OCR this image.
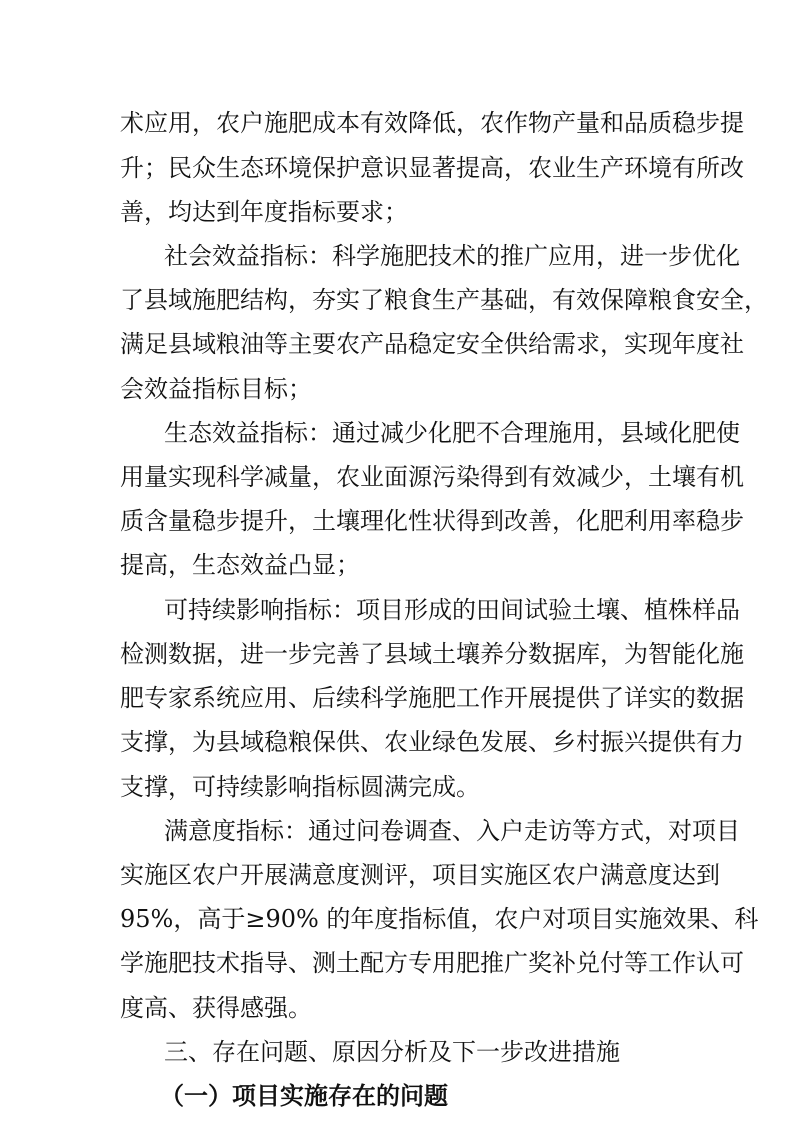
术应用，农户施肥成本有效降低，农作物产量和品质稳步提
升；民众生态环境保护意识显著提高，农业生产环境有所改
善，均达到年度指标要求；
社会效益指标：科学施肥技术的推广应用，进一步优化
了县域施肥结构，夯实了粮食生产基础，有效保障粮食安全，
满足县域粮油等主要农产品稳定安全供给需求，实现年度社
会效益指标目标；
生态效益指标：通过减少化肥不合理施用，县域化肥使
用量实现科学减量，农业面源污染得到有效减少，土壤有机
质含量稳步提升，土壤理化性状得到改善，化肥利用率稳步
提高，生态效益凸显；
可持续影响指标：项目形成的田间试验土壤、植株样品
检测数据，进一步完善了县域土壤养分数据库，为智能化施
肥专家系统应用、后续科学施肥工作开展提供了详实的数据
支撑，为县域稳粮保供、农业绿色发展、乡村振兴提供有力
支撑，可持续影响指标圆满完成。
满意度指标：通过问卷调查、入户走访等方式，对项目
实施区农户开展满意度测评，项目实施区农户满意度达到
95%，高于≥90% 的年度指标值，农户对项目实施效果、科
学施肥技术指导、测土配方专用肥推广奖补兑付等工作认可
度高、获得感强。
三、存在问题、原因分析及下一步改进措施
（一）项目实施存在的问题
